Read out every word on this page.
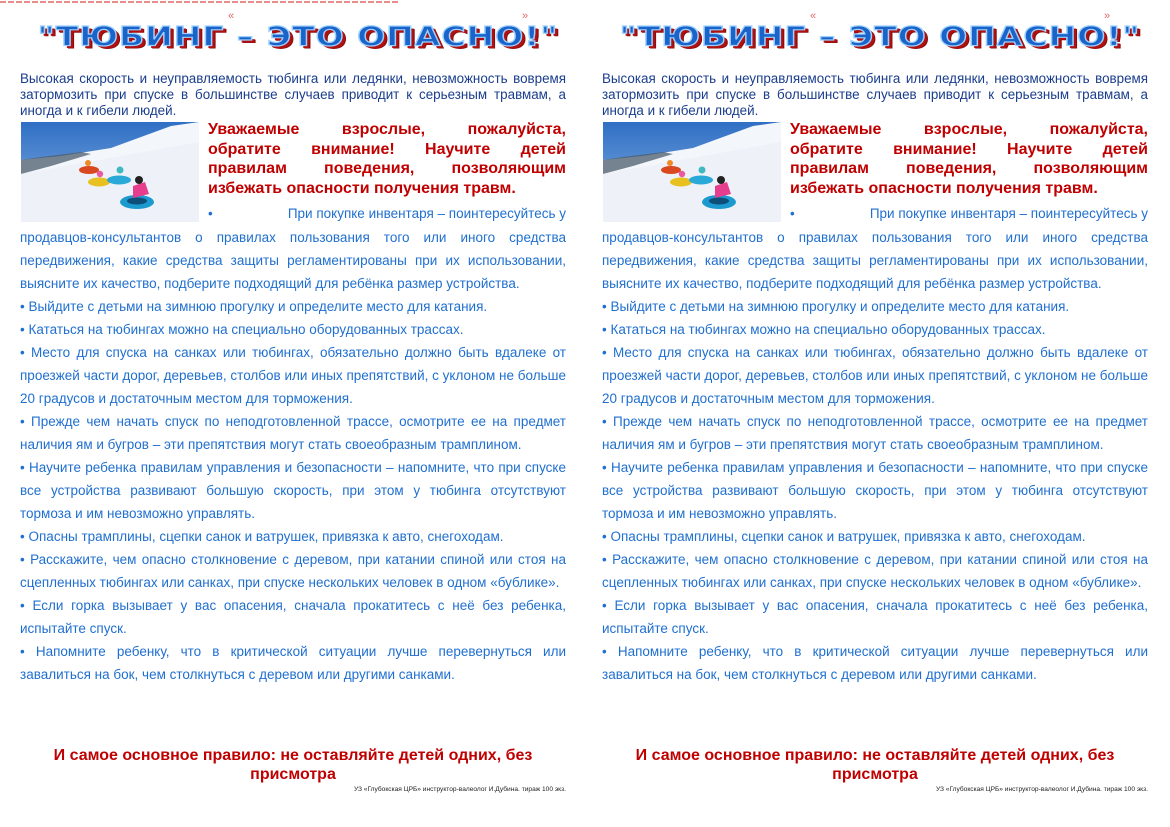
«	»
"ТЮБИНГ – ЭТО ОПАСНО!"
Высокая скорость и неуправляемость тюбинга или ледянки, невозможность вовремя затормозить при спуске в большинстве случаев приводит к серьезным травмам, а иногда и к гибели людей.
Уважаемые взрослые, пожалуйста,
обратите внимание! Научите детей
правилам поведения, позволяющим
избежать опасности получения травм.
•	При покупке инвентаря – поинтересуйтесь у

продавцов-консультантов о правилах пользования того или иного средства передвижения, какие средства защиты регламентированы при их использовании, выясните их качество, подберите подходящий для ребёнка размер устройства.

• Выйдите с детьми на зимнюю прогулку и определите место для катания.

• Кататься на тюбингах можно на специально оборудованных трассах.

• Место для спуска на санках или тюбингах, обязательно должно быть вдалеке от проезжей части дорог, деревьев, столбов или иных препятствий, с уклоном не больше 20 градусов и достаточным местом для торможения.

• Прежде чем начать спуск по неподготовленной трассе, осмотрите ее на предмет наличия ям и бугров – эти препятствия могут стать своеобразным трамплином.

• Научите ребенка правилам управления и безопасности – напомните, что при спуске все устройства развивают большую скорость, при этом у тюбинга отсутствуют тормоза и им невозможно управлять.

• Опасны трамплины, сцепки санок и ватрушек, привязка к авто, снегоходам.

• Расскажите, чем опасно столкновение с деревом, при катании спиной или стоя на сцепленных тюбингах или санках, при спуске нескольких человек в одном «бублике».

• Если горка вызывает у вас опасения, сначала прокатитесь с неё без ребенка, испытайте спуск.

• Напомните ребенку, что в критической ситуации лучше перевернуться или завалиться на бок, чем столкнуться с деревом или другими санками.

И самое основное правило: не оставляйте детей одних, без присмотра
УЗ «Глубокская ЦРБ» инструктор-валеолог И.Дубина. тираж 100 экз.
«	»
"ТЮБИНГ – ЭТО ОПАСНО!"
Высокая скорость и неуправляемость тюбинга или ледянки, невозможность вовремя затормозить при спуске в большинстве случаев приводит к серьезным травмам, а иногда и к гибели людей.
Уважаемые взрослые, пожалуйста,
обратите внимание! Научите детей
правилам поведения, позволяющим
избежать опасности получения травм.
•	При покупке инвентаря – поинтересуйтесь у

продавцов-консультантов о правилах пользования того или иного средства передвижения, какие средства защиты регламентированы при их использовании, выясните их качество, подберите подходящий для ребёнка размер устройства.

• Выйдите с детьми на зимнюю прогулку и определите место для катания.

• Кататься на тюбингах можно на специально оборудованных трассах.

• Место для спуска на санках или тюбингах, обязательно должно быть вдалеке от проезжей части дорог, деревьев, столбов или иных препятствий, с уклоном не больше 20 градусов и достаточным местом для торможения.

• Прежде чем начать спуск по неподготовленной трассе, осмотрите ее на предмет наличия ям и бугров – эти препятствия могут стать своеобразным трамплином.

• Научите ребенка правилам управления и безопасности – напомните, что при спуске все устройства развивают большую скорость, при этом у тюбинга отсутствуют тормоза и им невозможно управлять.

• Опасны трамплины, сцепки санок и ватрушек, привязка к авто, снегоходам.

• Расскажите, чем опасно столкновение с деревом, при катании спиной или стоя на сцепленных тюбингах или санках, при спуске нескольких человек в одном «бублике».

• Если горка вызывает у вас опасения, сначала прокатитесь с неё без ребенка, испытайте спуск.

• Напомните ребенку, что в критической ситуации лучше перевернуться или завалиться на бок, чем столкнуться с деревом или другими санками.

И самое основное правило: не оставляйте детей одних, без присмотра
УЗ «Глубокская ЦРБ» инструктор-валеолог И.Дубина. тираж 100 экз.
